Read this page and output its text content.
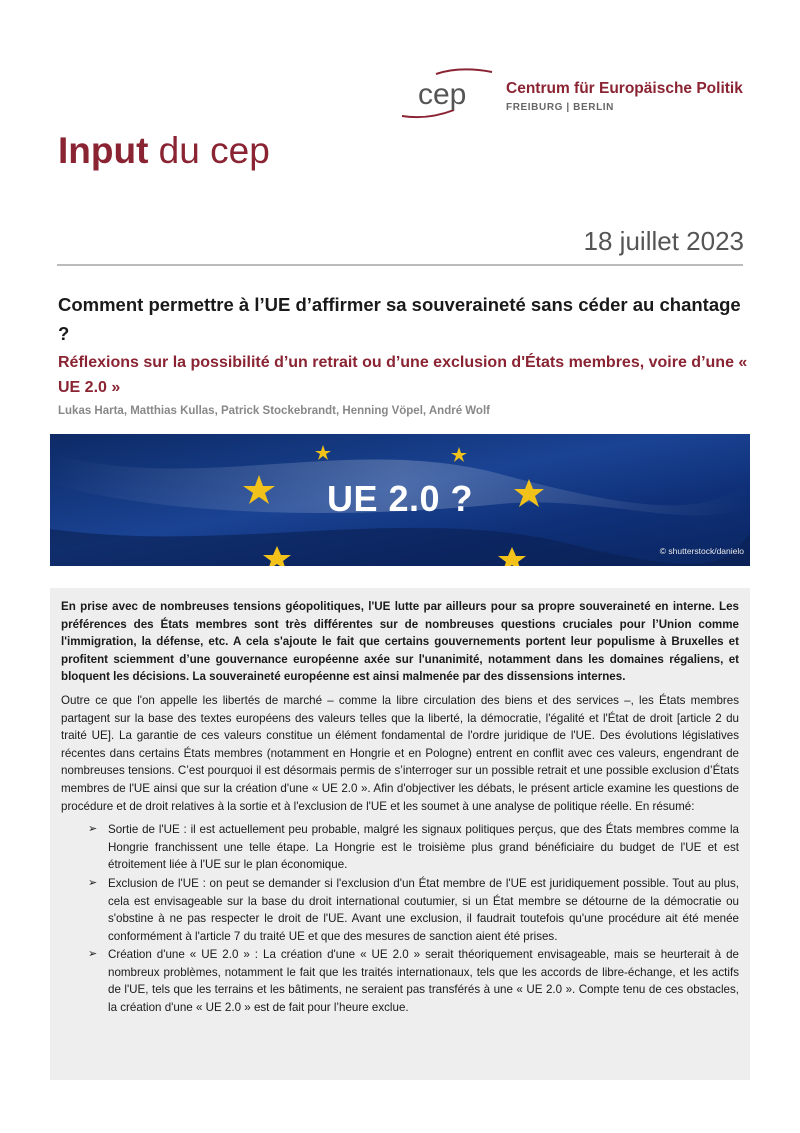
cep	Centrum für Europäische Politik
FREIBURG | BERLIN
Input du cep
18 juillet 2023
Comment permettre à l’UE d’affirmer sa souveraineté sans céder au chantage ?
Réflexions sur la possibilité d’un retrait ou d’une exclusion d'États membres, voire d’une « UE 2.0 »
Lukas Harta, Matthias Kullas, Patrick Stockebrandt, Henning Vöpel, André Wolf
UE 2.0 ?
© shutterstock/danielo

En prise avec de nombreuses tensions géopolitiques, l'UE lutte par ailleurs pour sa propre souveraineté en interne. Les préférences des États membres sont très différentes sur de nombreuses questions cruciales pour l’Union comme l'immigration, la défense, etc. A cela s'ajoute le fait que certains gouvernements portent leur populisme à Bruxelles et profitent sciemment d’une gouvernance européenne axée sur l'unanimité, notamment dans les domaines régaliens, et bloquent les décisions. La souveraineté européenne est ainsi malmenée par des dissensions internes.

Outre ce que l'on appelle les libertés de marché – comme la libre circulation des biens et des services –, les États membres partagent sur la base des textes européens des valeurs telles que la liberté, la démocratie, l'égalité et l'État de droit [article 2 du traité UE]. La garantie de ces valeurs constitue un élément fondamental de l'ordre juridique de l'UE. Des évolutions législatives récentes dans certains États membres (notamment en Hongrie et en Pologne) entrent en conflit avec ces valeurs, engendrant de nombreuses tensions. C’est pourquoi il est désormais permis de s’interroger sur un possible retrait et une possible exclusion d’États membres de l'UE ainsi que sur la création d'une « UE 2.0 ». Afin d'objectiver les débats, le présent article examine les questions de procédure et de droit relatives à la sortie et à l'exclusion de l'UE et les soumet à une analyse de politique réelle. En résumé:

➢ Sortie de l'UE : il est actuellement peu probable, malgré les signaux politiques perçus, que des États membres comme la Hongrie franchissent une telle étape. La Hongrie est le troisième plus grand bénéficiaire du budget de l'UE et est étroitement liée à l'UE sur le plan économique.
➢ Exclusion de l'UE : on peut se demander si l'exclusion d'un État membre de l'UE est juridiquement possible. Tout au plus, cela est envisageable sur la base du droit international coutumier, si un État membre se détourne de la démocratie ou s'obstine à ne pas respecter le droit de l'UE. Avant une exclusion, il faudrait toutefois qu'une procédure ait été menée conformément à l'article 7 du traité UE et que des mesures de sanction aient été prises.
➢ Création d'une « UE 2.0 » : La création d'une « UE 2.0 » serait théoriquement envisageable, mais se heurterait à de nombreux problèmes, notamment le fait que les traités internationaux, tels que les accords de libre-échange, et les actifs de l'UE, tels que les terrains et les bâtiments, ne seraient pas transférés à une « UE 2.0 ». Compte tenu de ces obstacles, la création d'une « UE 2.0 » est de fait pour l’heure exclue.
